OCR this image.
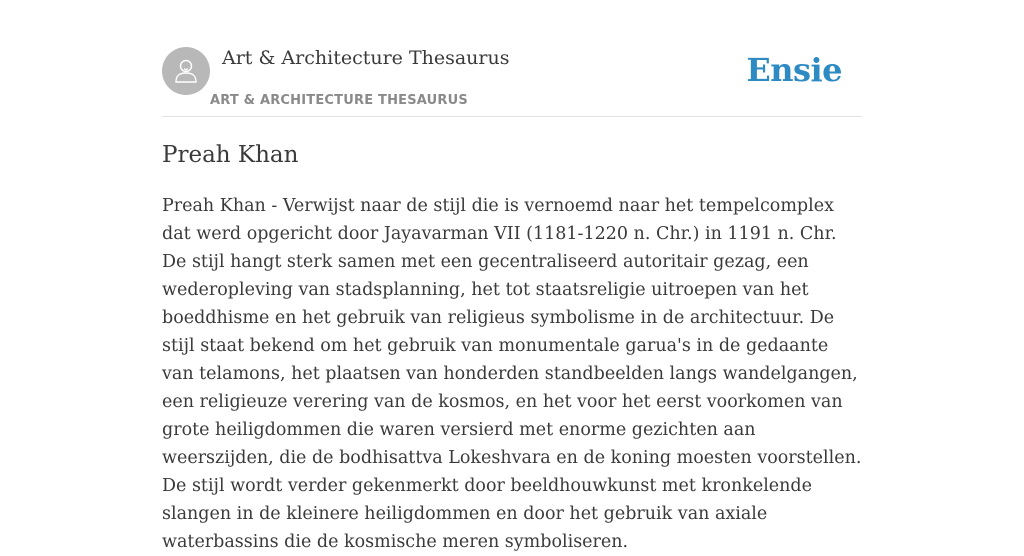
Art & Architecture Thesaurus
ART & ARCHITECTURE THESAURUS
Ensie
Preah Khan

Preah Khan - Verwijst naar de stijl die is vernoemd naar het tempelcomplex dat werd opgericht door Jayavarman VII (1181-1220 n. Chr.) in 1191 n. Chr. De stijl hangt sterk samen met een gecentraliseerd autoritair gezag, een wederopleving van stadsplanning, het tot staatsreligie uitroepen van het boeddhisme en het gebruik van religieus symbolisme in de architectuur. De stijl staat bekend om het gebruik van monumentale garua's in de gedaante van telamons, het plaatsen van honderden standbeelden langs wandelgangen, een religieuze verering van de kosmos, en het voor het eerst voorkomen van grote heiligdommen die waren versierd met enorme gezichten aan weerszijden, die de bodhisattva Lokeshvara en de koning moesten voorstellen. De stijl wordt verder gekenmerkt door beeldhouwkunst met kronkelende slangen in de kleinere heiligdommen en door het gebruik van axiale waterbassins die de kosmische meren symboliseren.
